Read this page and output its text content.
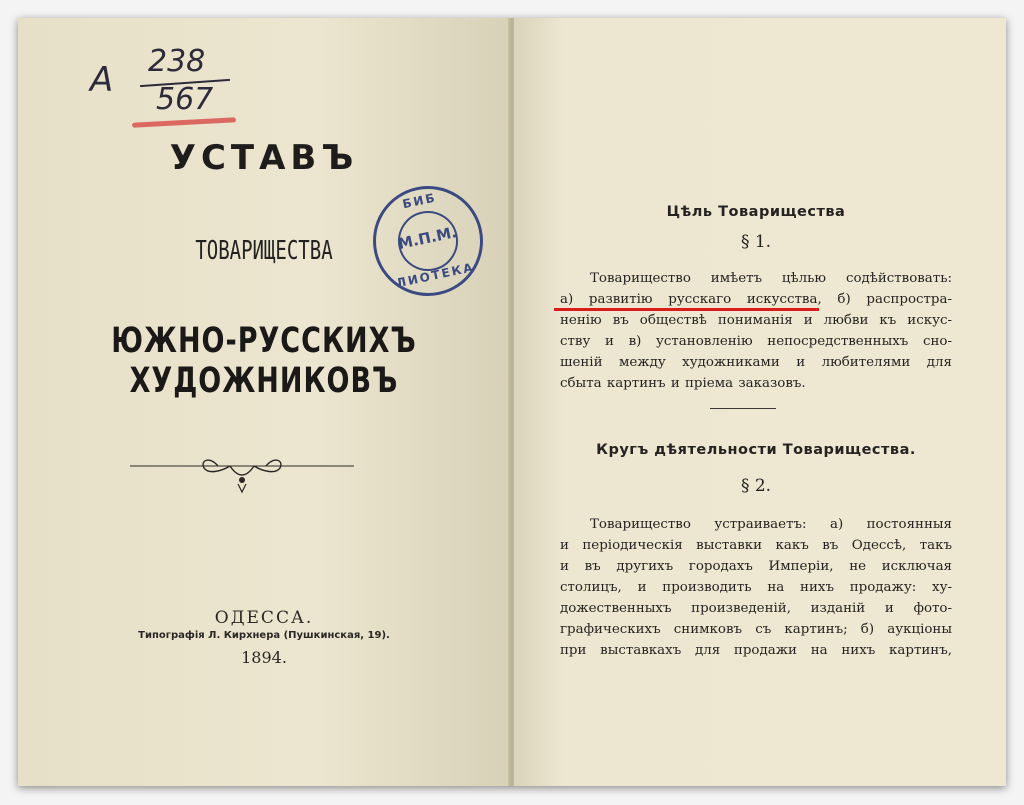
А 238
567
УСТАВЪ
ТОВАРИЩЕСТВА
ЮЖНО-РУССКИХЪ ХУДОЖНИКОВЪ
ОДЕССА.
Типографія Л. Кирхнера (Пушкинская, 19).
1894.
БИБ
М.П.М.
ЛИОТЕКА
Цѣль Товарищества
§ 1.
Товарищество имѣетъ цѣлью содѣйствовать:
а) развитію русскаго искусства, б) распростра-
ненію въ обществѣ пониманія и любви къ искус-
ству и в) установленію непосредственныхъ сно-
шеній между художниками и любителями для
сбыта картинъ и пріема заказовъ.
Кругъ дѣятельности Товарищества.
§ 2.
Товарищество устраиваетъ: а) постоянныя
и періодическія выставки какъ въ Одессѣ, такъ
и въ другихъ городахъ Имперіи, не исключая
столицъ, и производить на нихъ продажу: ху-
дожественныхъ произведеній, изданій и фото-
графическихъ снимковъ съ картинъ; б) аукціоны
при выставкахъ для продажи на нихъ картинъ,
